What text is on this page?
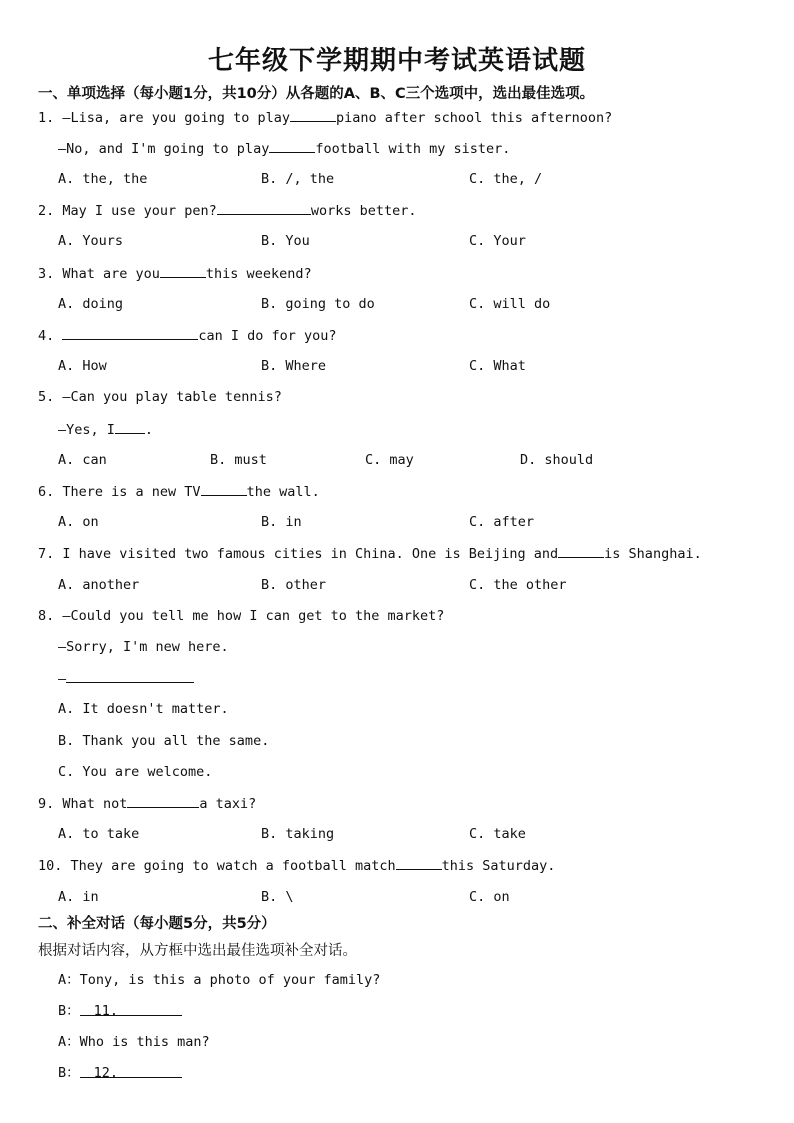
七年级下学期期中考试英语试题
一、单项选择（每小题1分，共10分）从各题的A、B、C三个选项中，选出最佳选项。
1. —Lisa, are you going to play	piano after school this afternoon?
—No, and I'm going to play	football with my sister.
A. the, the	B. /, the	C. the, /
2. May I use your pen?	works better.
A. Yours	B. You	C. Your
3. What are you	this weekend?
A. doing	B. going to do	C. will do
4.	can I do for you?
A. How	B. Where	C. What
5. —Can you play table tennis?
—Yes, I .
A. can	B. must	C. may	D. should
6. There is a new TV	the wall.
A. on	B. in	C. after
7. I have visited two famous cities in China. One is Beijing and	is Shanghai.
A. another	B. other	C. the other
8. —Could you tell me how I can get to the market?
—Sorry, I'm new here.
—
A. It doesn't matter.
B. Thank you all the same.
C. You are welcome.
9. What not	a taxi?
A. to take	B. taking	C. take
10. They are going to watch a football match	this Saturday.
A. in	B. \	C. on
二、补全对话（每小题5分，共5分）
根据对话内容，从方框中选出最佳选项补全对话。
A：Tony, is this a photo of your family?
B： 11.
A：Who is this man?
B： 12.
